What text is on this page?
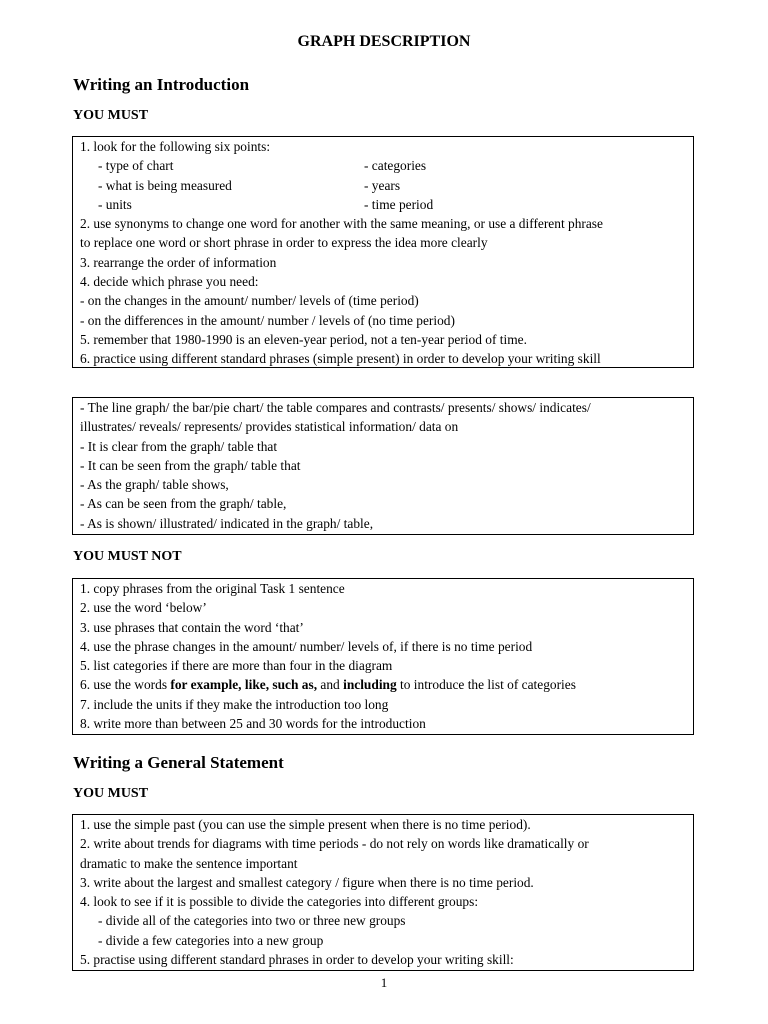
GRAPH DESCRIPTION
Writing an Introduction
YOU MUST
1. look for the following six points:
- type of chart	- categories
- what is being measured	- years
- units	- time period
2. use synonyms to change one word for another with the same meaning, or use a different phrase
to replace one word or short phrase in order to express the idea more clearly
3. rearrange the order of information
4. decide which phrase you need:
- on the changes in the amount/ number/ levels of (time period)
- on the differences in the amount/ number / levels of (no time period)
5. remember that 1980-1990 is an eleven-year period, not a ten-year period of time.
6. practice using different standard phrases (simple present) in order to develop your writing skill
- The line graph/ the bar/pie chart/ the table compares and contrasts/ presents/ shows/ indicates/
illustrates/ reveals/ represents/ provides statistical information/ data on
- It is clear from the graph/ table that
- It can be seen from the graph/ table that
- As the graph/ table shows,
- As can be seen from the graph/ table,
- As is shown/ illustrated/ indicated in the graph/ table,
YOU MUST NOT
1. copy phrases from the original Task 1 sentence
2. use the word ‘below’
3. use phrases that contain the word ‘that’
4. use the phrase changes in the amount/ number/ levels of, if there is no time period
5. list categories if there are more than four in the diagram
6. use the words for example, like, such as, and including to introduce the list of categories
7. include the units if they make the introduction too long
8. write more than between 25 and 30 words for the introduction
Writing a General Statement
YOU MUST
1. use the simple past (you can use the simple present when there is no time period).
2. write about trends for diagrams with time periods - do not rely on words like dramatically or
dramatic to make the sentence important
3. write about the largest and smallest category / figure when there is no time period.
4. look to see if it is possible to divide the categories into different groups:
- divide all of the categories into two or three new groups
- divide a few categories into a new group
5. practise using different standard phrases in order to develop your writing skill:
1
